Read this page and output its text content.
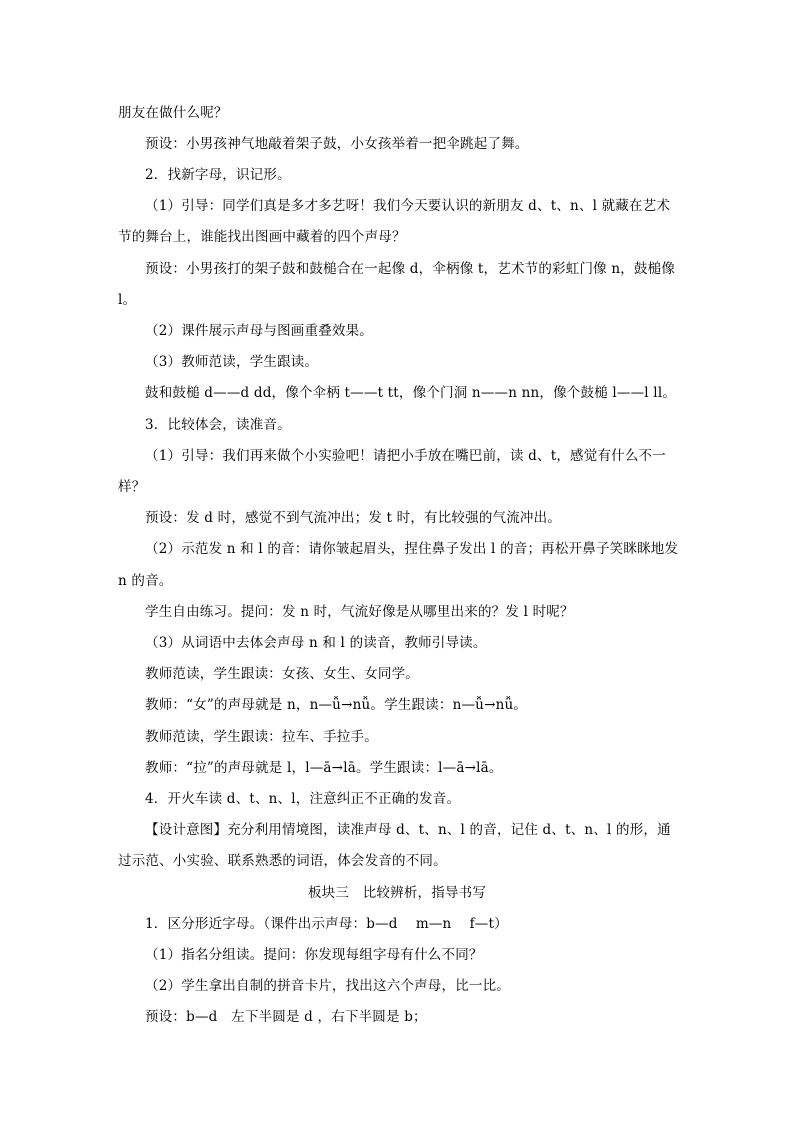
朋友在做什么呢？
预设：小男孩神气地敲着架子鼓，小女孩举着一把伞跳起了舞。
2．找新字母，识记形。
（1）引导：同学们真是多才多艺呀！我们今天要认识的新朋友 d、t、n、l 就藏在艺术
节的舞台上，谁能找出图画中藏着的四个声母？
预设：小男孩打的架子鼓和鼓槌合在一起像 d，伞柄像 t，艺术节的彩虹门像 n，鼓槌像
l。
（2）课件展示声母与图画重叠效果。
（3）教师范读，学生跟读。
鼓和鼓槌 d——d dd，像个伞柄 t——t tt，像个门洞 n——n nn，像个鼓槌 l——l ll。
3．比较体会，读准音。
（1）引导：我们再来做个小实验吧！请把小手放在嘴巴前，读 d、t，感觉有什么不一
样？
预设：发 d 时，感觉不到气流冲出；发 t 时，有比较强的气流冲出。
（2）示范发 n 和 l 的音：请你皱起眉头，捏住鼻子发出 l 的音；再松开鼻子笑眯眯地发
n 的音。
学生自由练习。提问：发 n 时，气流好像是从哪里出来的？发 l 时呢？
（3）从词语中去体会声母 n 和 l 的读音，教师引导读。
教师范读，学生跟读：女孩、女生、女同学。
教师：“女”的声母就是 n，n—ǚ→nǚ。学生跟读：n—ǚ→nǚ。
教师范读，学生跟读：拉车、手拉手。
教师：“拉”的声母就是 l，l—ā→lā。学生跟读：l—ā→lā。
4．开火车读 d、t、n、l，注意纠正不正确的发音。
【设计意图】充分利用情境图，读准声母 d、t、n、l 的音，记住 d、t、n、l 的形，通
过示范、小实验、联系熟悉的词语，体会发音的不同。
板块三　比较辨析，指导书写
1．区分形近字母。（课件出示声母：b—d　 m—n　 f—t）
（1）指名分组读。提问：你发现每组字母有什么不同？
（2）学生拿出自制的拼音卡片，找出这六个声母，比一比。
预设：b—d　左下半圆是 d ，右下半圆是 b；
